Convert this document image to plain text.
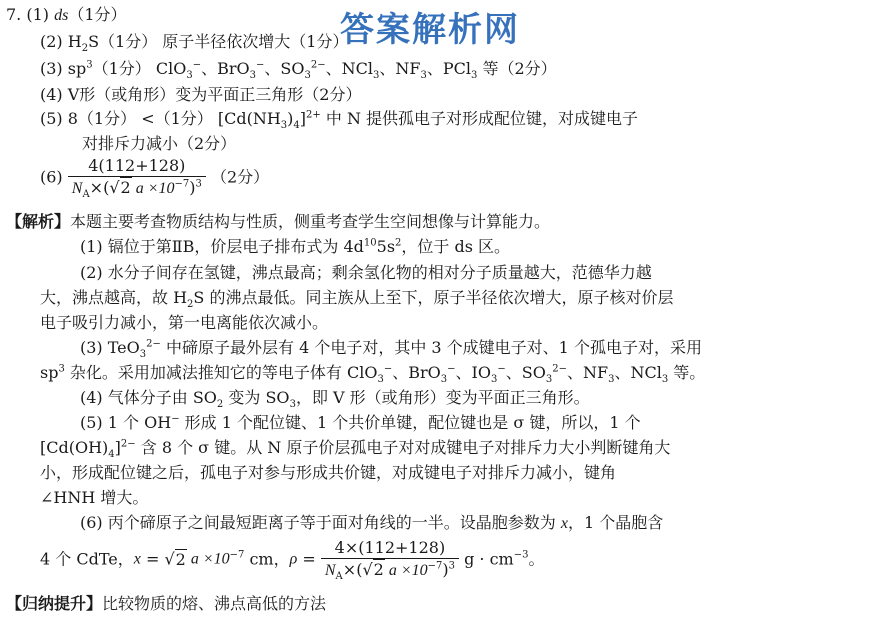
答案解析网
7. (1) ds（1分）
(2) $H_2S(1$分） 原子半径依次增大（1分）
(3) $sp^3(1$分） ClO$_3$−、BrO$_3$−、$SO_3^{2-}$、NCl$_3$、$NF_3$、PCl$_3$ 等（2分）
(4) V形（或角形）变为平面正三角形（2分）
(5) 8（1分） <（1分） $[Cd(NH_3)_4]^{2+}$ 中 N 提供孤电子对形成配位键，对成键电子
对排斥力减小（2分）
$(6) \frac{4(112+128)}{N_A\times(√2 a \times 10^{-7})^3} (2$分）
【解析】本题主要考查物质结构与性质，侧重考查学生空间想像与计算能力。
(1) 镉位于第ⅡB，价层电子排布式为 $4d^{10}5s^2$，位于 ds 区。
(2) 水分子间存在氢键，沸点最高；剩余氢化物的相对分子质量越大，范德华力越
大，沸点越高，故 $H_2S$ 的沸点最低。同主族从上至下，原子半径依次增大，原子核对价层
电子吸引力减小，第一电离能依次减小。
(3) TeO$_3^{2-}$ 中碲原子最外层有 4 个电子对，其中 3 个成键电子对、1 个孤电子对，采用
$sp^3$ 杂化。采用加减法推知它的等电子体有 ClO$_3$−、BrO$_3$−、$IO_3^-$、$SO_3^{2-}$、$NF_3$、NCl$_3$ 等。
(4) 气体分子由 $SO_2$ 变为 $SO_3$，即 V 形（或角形）变为平面正三角形。
(5) 1 个 OH− 形成 1 个配位键、1 个共价单键，配位键也是 σ 键，所以，1 个
$[Cd(OH)_4]^{2-}$ 含 8 个 σ 键。从 N 原子价层孤电子对对成键电子对排斥力大小判断键角大
小，形成配位键之后，孤电子对参与形成共价键，对成键电子对排斥力减小，键角
∠HNH 增大。
(6) 丙个碲原子之间最短距离子等于面对角线的一半。设晶胞参数为 x，1 个晶胞含
4 个 CdTe，x = √2 $a \times 10^{-7}$ cm，$\rho = \frac{4\times(112+128)}{N_A\times(√2 a \times 10^{-7})^3}$ $g \cdot cm^{-3}$。
【归纳提升】比较物质的熔、沸点高低的方法
